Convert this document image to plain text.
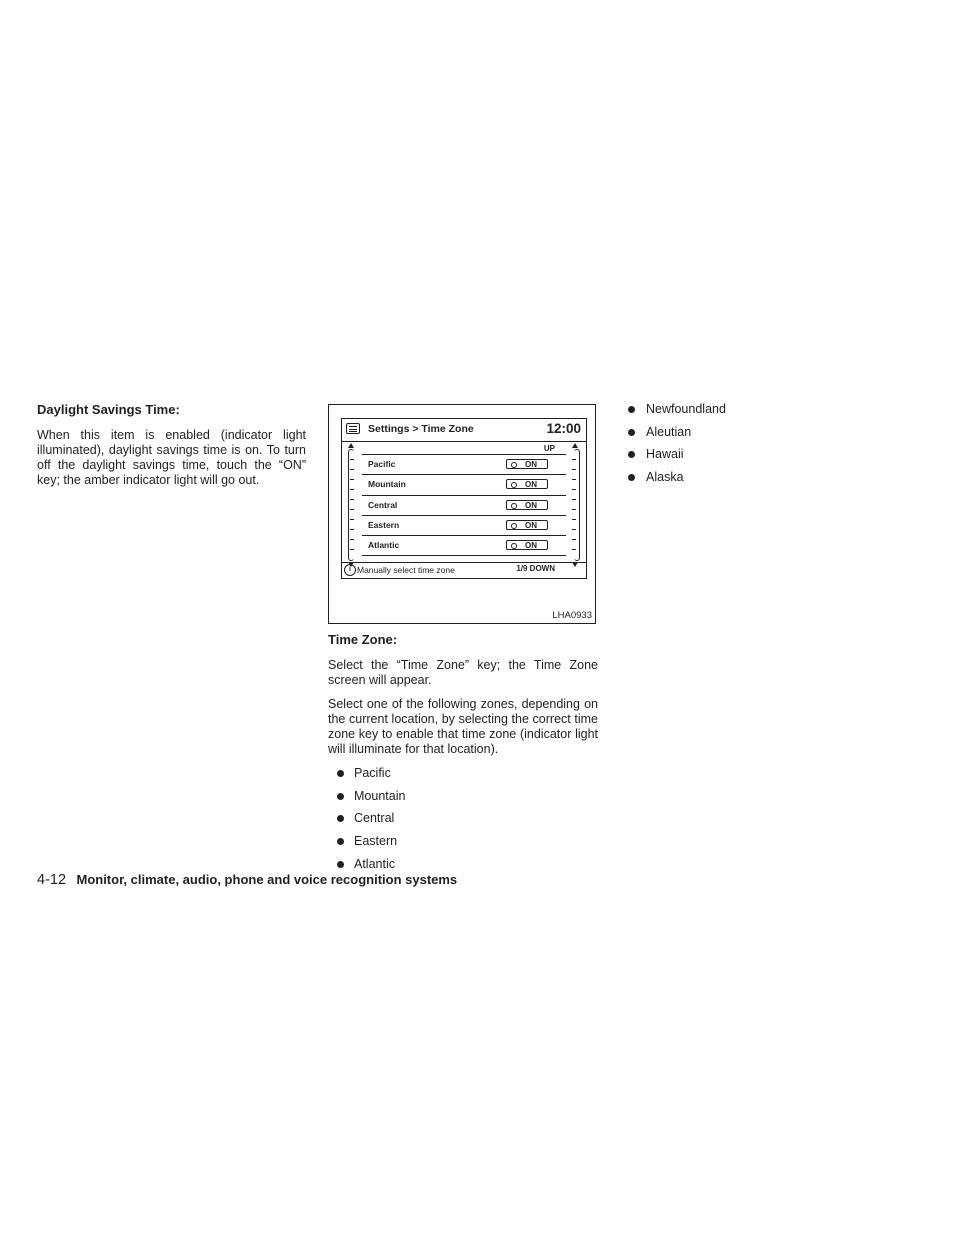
Daylight Savings Time:

When this item is enabled (indicator light illuminated), daylight savings time is on. To turn off the daylight savings time, touch the “ON” key; the amber indicator light will go out.

Settings > Time Zone	12:00
UP
Pacific	ON
Mountain	ON
Central	ON
Eastern	ON
Atlantic	ON
1/9 DOWN
i Manually select time zone
LHA0933
Time Zone:

Select the “Time Zone” key; the Time Zone screen will appear.

Select one of the following zones, depending on the current location, by selecting the correct time zone key to enable that time zone (indicator light will illuminate for that location).

Pacific
Mountain
Central
Eastern
Atlantic
Newfoundland
Aleutian
Hawaii
Alaska
4-12 Monitor, climate, audio, phone and voice recognition systems
